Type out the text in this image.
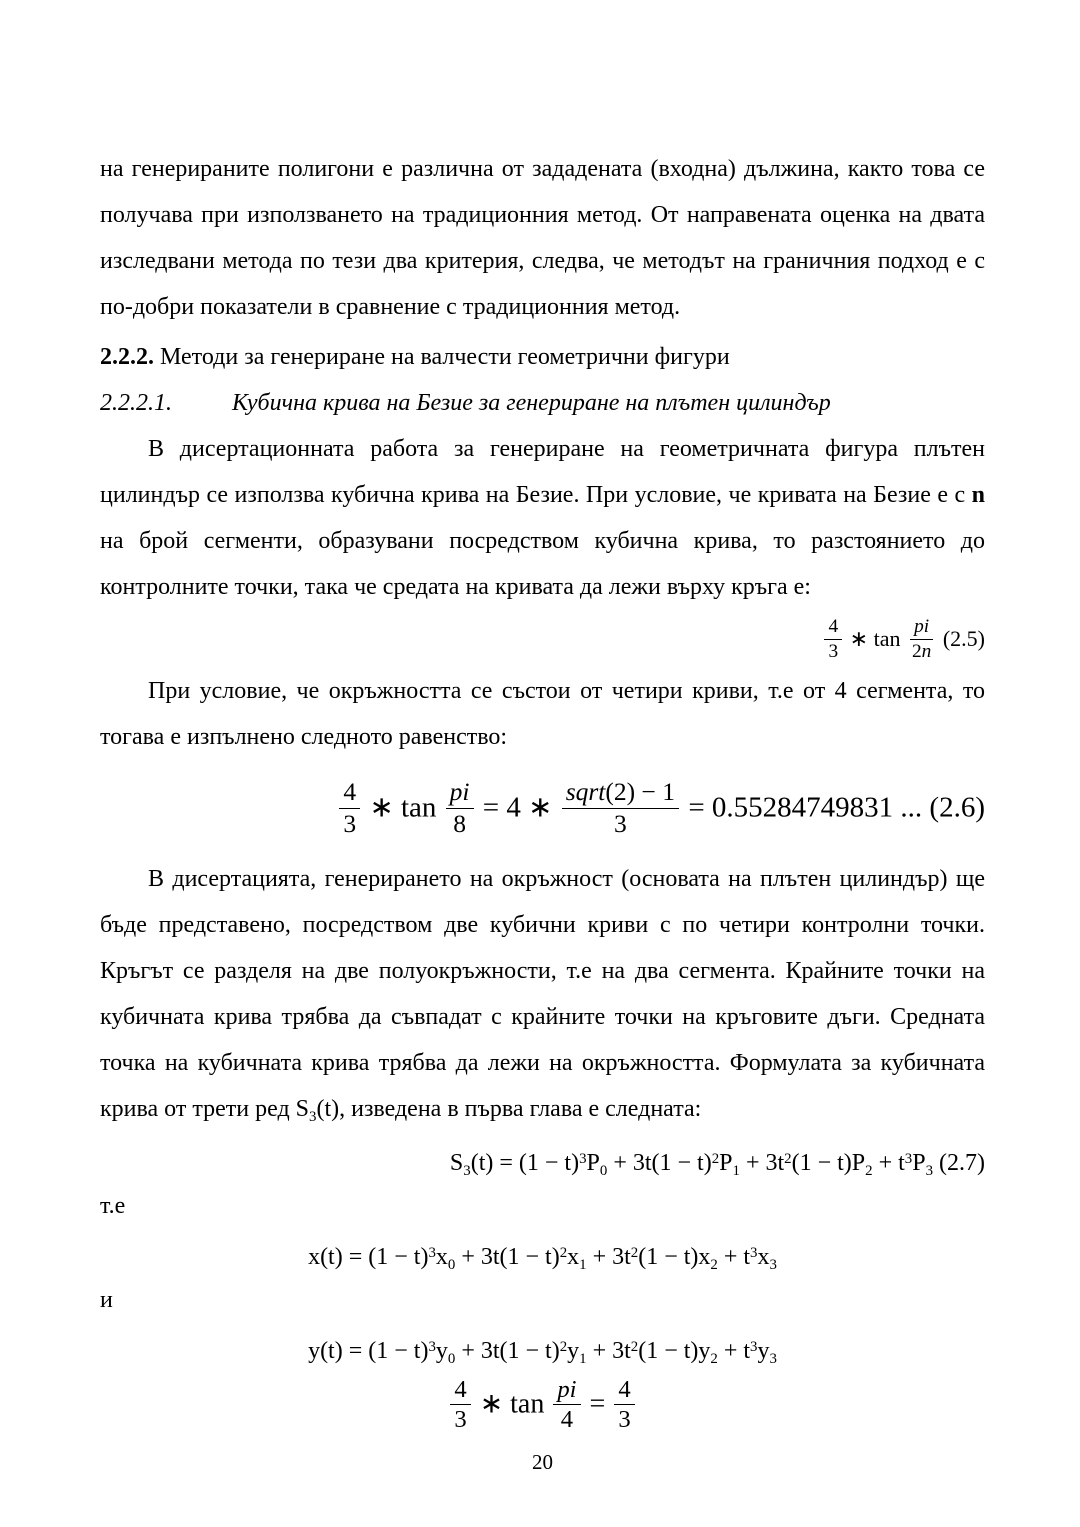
на генерираните полигони е различна от зададената (входна) дължина, както това се получава при използването на традиционния метод. От направената оценка на двата изследвани метода по тези два критерия, следва, че методът на граничния подход е с по-добри показатели в сравнение с традиционния метод.

2.2.2. Методи за генериране на валчести геометрични фигури

2.2.2.1.	Кубична крива на Безие за генериране на плътен цилиндър

В дисертационната работа за генериране на геометричната фигура плътен цилиндър се използва кубична крива на Безие. При условие, че кривата на Безие е с n на брой сегменти, образувани посредством кубична крива, то разстоянието до контролните точки, така че средата на кривата да лежи върху кръга е:

$\frac{4}{3}$ ∗ $\tan \frac{pi}{2n} (2.5)$

При условие, че окръжността се състои от четири криви, т.е от 4 сегмента, то тогава е изпълнено следното равенство:

$\frac{4}{3}$ ∗ $\tan \frac{pi}{8} = 4$ ∗ $\frac{\text{sqrt(2) − 1}}{3} = 0.55284749831$ ... (2.6)

В дисертацията, генерирането на окръжност (основата на плътен цилиндър) ще бъде представено, посредством две кубични криви с по четири контролни точки. Кръгът се разделя на две полуокръжности, т.е на два сегмента. Крайните точки на кубичната крива трябва да съвпадат с крайните точки на кръговите дъги. Средната точка на кубичната крива трябва да лежи на окръжността. Формулата за кубичната крива от трети ред S3(t), изведена в първа глава е следната:

$S3(t) = (1 - t)^3P0 + 3t(1 - t)^2P1 + 3t^2(1 - t)P2 + t^3P3$ (2.7)

т.е

$x(t) = (1 - t)^3x0 + 3t(1 - t)^2x1 + 3t^2(1 - t)x2 + t^3x3$

и

$y(t) = (1 - t)^3y0 + 3t(1 - t)^2y1 + 3t^2(1 - t)y2 + t^3y3$
$\frac{4}{3}$ ∗ $\tan \frac{pi}{4} = \frac{4}{3}$
20
